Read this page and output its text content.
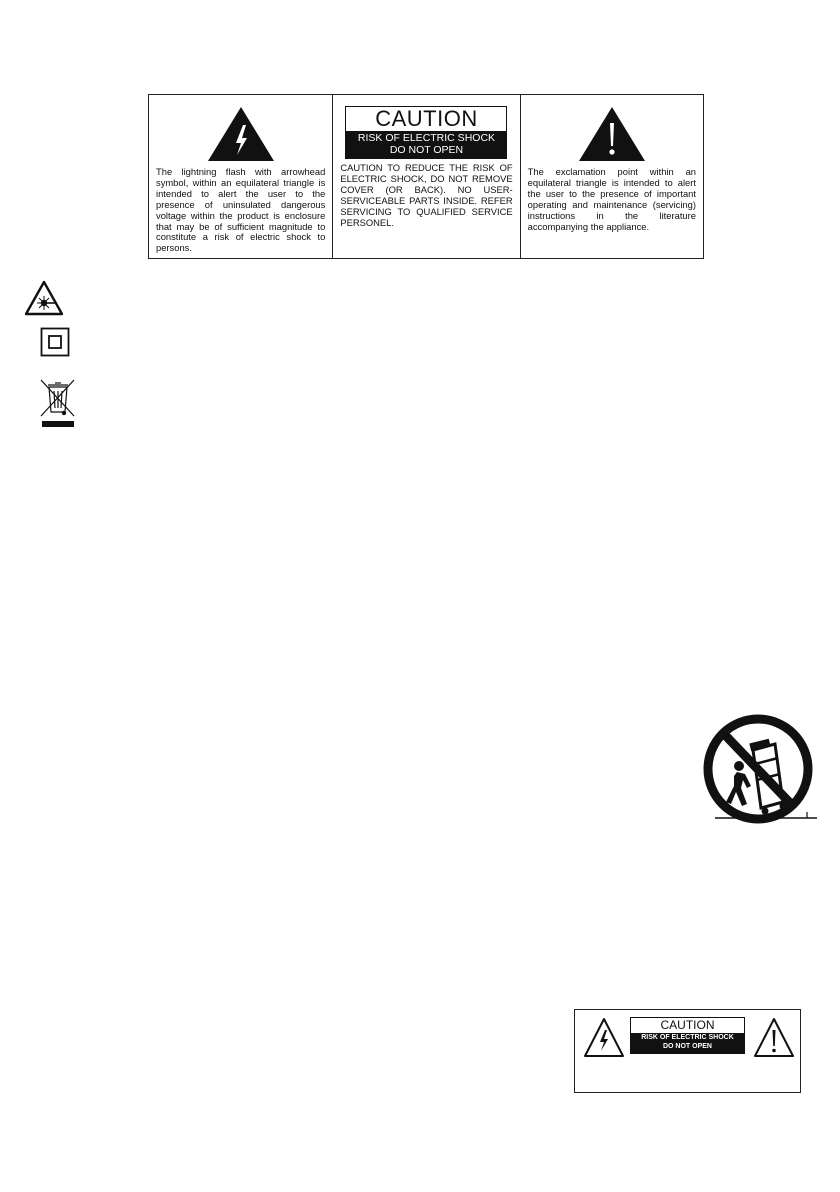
The lightning flash with arrowhead symbol, within an equilateral triangle is intended to alert the user to the presence of uninsulated dangerous voltage within the product is enclosure that may be of sufficient magnitude to constitute a risk of electric shock to persons.

CAUTION
RISK OF ELECTRIC SHOCK
DO NOT OPEN

CAUTION TO REDUCE THE RISK OF ELECTRIC SHOCK, DO NOT REMOVE COVER (OR BACK). NO USER-SERVICEABLE PARTS INSIDE. REFER SERVICING TO QUALIFIED SERVICE PERSONEL.

The exclamation point within an equilateral triangle is intended to alert the user to the presence of important operating and maintenance (servicing) instructions in the literature accompanying the appliance.

CAUTION
RISK OF ELECTRIC SHOCK
DO NOT OPEN
